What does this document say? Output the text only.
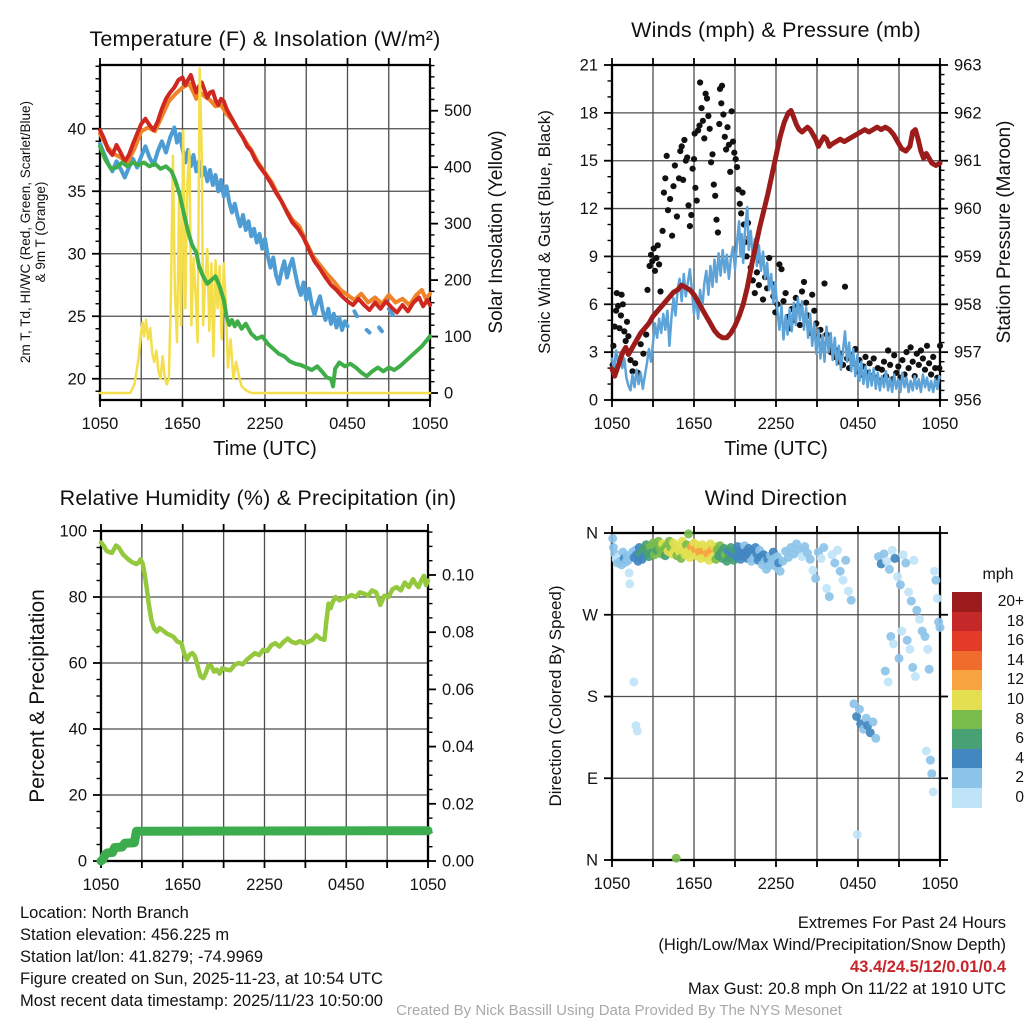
1050	1650	2250	0450	1050
20
25
30
35
40
0
100
200
300
400
500
1050	1650	2250	0450	1050
0
3
6
9
12
15
18
21
956
957
958
959
960
961
962
963
1050	1650	2250	0450	1050
0
20
40
60
80
100
0.00
0.02
0.04
0.06
0.08
0.10
1050	1650	2250	0450	1050
N
W
S
E
N
Temperature (F) & Insolation (W/m²)	Winds (mph) & Pressure (mb)
Relative Humidity (%) & Precipitation (in)	Wind Direction
Time (UTC)	Time (UTC)
2m T, Td, HI/WC (Red, Green, Scarlet/Blue) & 9m T (Orange)	Solar Insolation (Yellow) Sonic Wind & Gust (Blue, Black)	Station Pressure (Maroon)
Percent & Precipitation	Direction (Colored By Speed)
mph
20+
18
16
14
12
10
8
6
4
2
0
Location: North Branch
Station elevation: 456.225 m
Station lat/lon: 41.8279; -74.9969
Figure created on Sun, 2025-11-23, at 10:54 UTC
Most recent data timestamp: 2025/11/23 10:50:00
Extremes For Past 24 Hours
(High/Low/Max Wind/Precipitation/Snow Depth)
43.4/24.5/12/0.01/0.4
Max Gust: 20.8 mph On 11/22 at 1910 UTC
Created By Nick Bassill Using Data Provided By The NYS Mesonet
